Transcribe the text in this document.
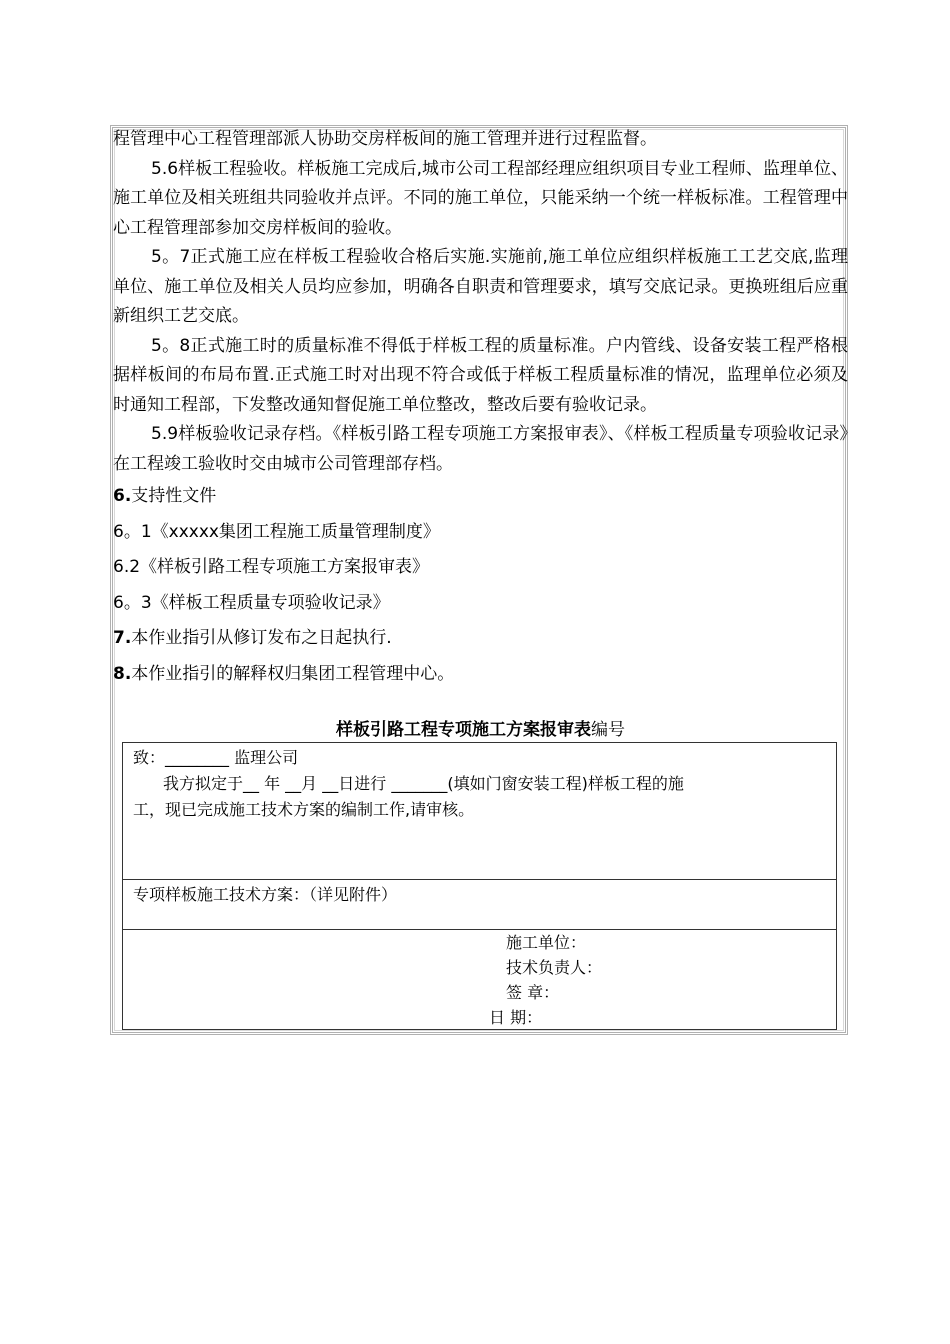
程管理中心工程管理部派人协助交房样板间的施工管理并进行过程监督。

5.6样板工程验收。样板施工完成后,城市公司工程部经理应组织项目专业工程师、监理单位、施工单位及相关班组共同验收并点评。不同的施工单位，只能采纳一个统一样板标准。工程管理中心工程管理部参加交房样板间的验收。

5。7正式施工应在样板工程验收合格后实施.实施前,施工单位应组织样板施工工艺交底,监理单位、施工单位及相关人员均应参加，明确各自职责和管理要求，填写交底记录。更换班组后应重新组织工艺交底。

5。8正式施工时的质量标准不得低于样板工程的质量标准。户内管线、设备安装工程严格根据样板间的布局布置.正式施工时对出现不符合或低于样板工程质量标准的情况，监理单位必须及时通知工程部，下发整改通知督促施工单位整改，整改后要有验收记录。

5.9样板验收记录存档。《样板引路工程专项施工方案报审表》、《样板工程质量专项验收记录》在工程竣工验收时交由城市公司管理部存档。

6.支持性文件

6。1《xxxxx集团工程施工质量管理制度》

6.2《样板引路工程专项施工方案报审表》

6。3《样板工程质量专项验收记录》

7.本作业指引从修订发布之日起执行.

8.本作业指引的解释权归集团工程管理中心。

样板引路工程专项施工方案报审表编号
致：________ 监理公司
我方拟定于__ 年 __月 __日进行 _______(填如门窗安装工程)样板工程的施
工，现已完成施工技术方案的编制工作,请审核。
专项样板施工技术方案：（详见附件）
施工单位：
技术负责人：
签 章：
日 期：
